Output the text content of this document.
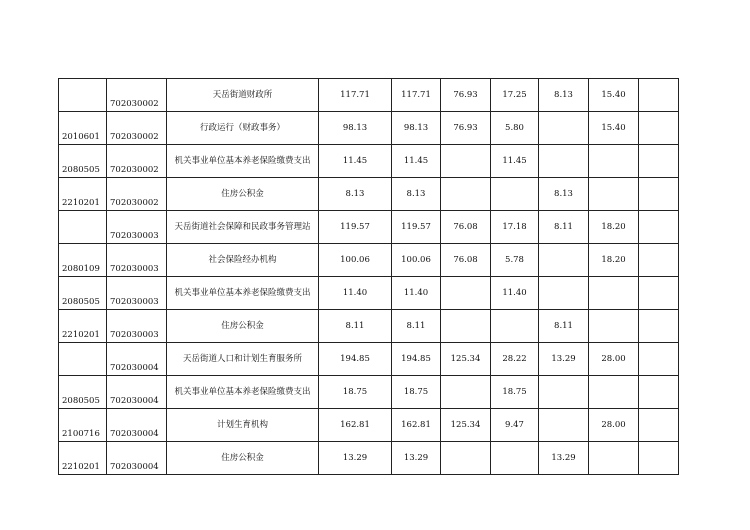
	702030002	天岳街道财政所	117.71	117.71	76.93	17.25	8.13	15.40	
2010601	702030002	行政运行（财政事务）	98.13	98.13	76.93	5.80		15.40	
2080505	702030002	机关事业单位基本养老保险缴费支出	11.45	11.45		11.45			
2210201	702030002	住房公积金	8.13	8.13			8.13		
	702030003	天岳街道社会保障和民政事务管理站	119.57	119.57	76.08	17.18	8.11	18.20	
2080109	702030003	社会保险经办机构	100.06	100.06	76.08	5.78		18.20	
2080505	702030003	机关事业单位基本养老保险缴费支出	11.40	11.40		11.40			
2210201	702030003	住房公积金	8.11	8.11			8.11		
	702030004	天岳街道人口和计划生育服务所	194.85	194.85	125.34	28.22	13.29	28.00	
2080505	702030004	机关事业单位基本养老保险缴费支出	18.75	18.75		18.75			
2100716	702030004	计划生育机构	162.81	162.81	125.34	9.47		28.00	
2210201	702030004	住房公积金	13.29	13.29			13.29		
